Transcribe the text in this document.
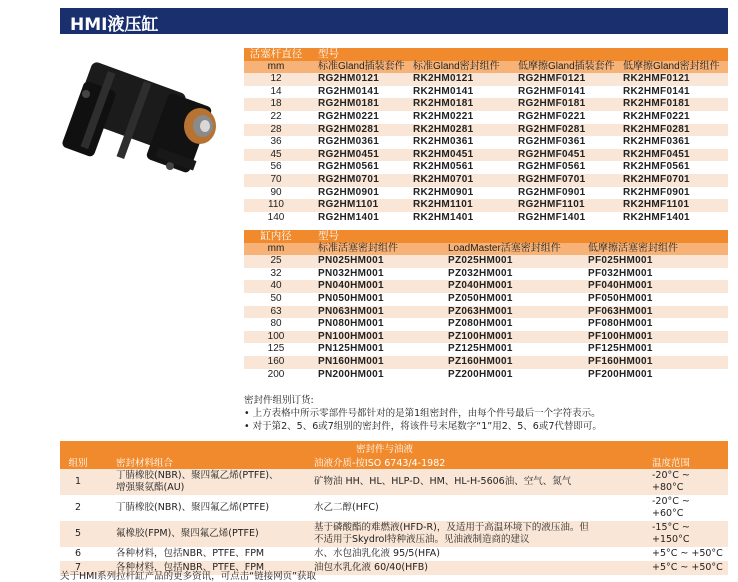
HMI液压缸
活塞杆直径	型号			
mm	标准Gland插装套件	标准Gland密封组件	低摩擦Gland插装套件	低摩擦Gland密封组件
12	RG2HM0121	RK2HM0121	RG2HMF0121	RK2HMF0121
14	RG2HM0141	RK2HM0141	RG2HMF0141	RK2HMF0141
18	RG2HM0181	RK2HM0181	RG2HMF0181	RK2HMF0181
22	RG2HM0221	RK2HM0221	RG2HMF0221	RK2HMF0221
28	RG2HM0281	RK2HM0281	RG2HMF0281	RK2HMF0281
36	RG2HM0361	RK2HM0361	RG2HMF0361	RK2HMF0361
45	RG2HM0451	RK2HM0451	RG2HMF0451	RK2HMF0451
56	RG2HM0561	RK2HM0561	RG2HMF0561	RK2HMF0561
70	RG2HM0701	RK2HM0701	RG2HMF0701	RK2HMF0701
90	RG2HM0901	RK2HM0901	RG2HMF0901	RK2HMF0901
110	RG2HM1101	RK2HM1101	RG2HMF1101	RK2HMF1101
140	RG2HM1401	RK2HM1401	RG2HMF1401	RK2HMF1401
缸内径	型号		
mm	标准活塞密封组件	LoadMaster活塞密封组件	低摩擦活塞密封组件
25	PN025HM001	PZ025HM001	PF025HM001
32	PN032HM001	PZ032HM001	PF032HM001
40	PN040HM001	PZ040HM001	PF040HM001
50	PN050HM001	PZ050HM001	PF050HM001
63	PN063HM001	PZ063HM001	PF063HM001
80	PN080HM001	PZ080HM001	PF080HM001
100	PN100HM001	PZ100HM001	PF100HM001
125	PN125HM001	PZ125HM001	PF125HM001
160	PN160HM001	PZ160HM001	PF160HM001
200	PN200HM001	PZ200HM001	PF200HM001
密封件组别订货:
• 上方表格中所示零部件号都针对的是第1组密封件，由每个件号最后一个字符表示。
• 对于第2、5、6或7组别的密封件，将该件号末尾数字“1”用2、5、6或7代替即可。
		密封件与油液	
组别	密封材料组合	油液介质-按ISO 6743/4-1982	温度范围
1	丁腈橡胶(NBR)、聚四氟乙烯(PTFE)、
增强聚氨酯(AU)	矿物油 HH、HL、HLP-D、HM、HL-H-5606油、空气、氮气	-20°C ~ +80°C
2	丁腈橡胶(NBR)、聚四氟乙烯(PTFE)	水乙二醇(HFC)	-20°C ~ +60°C
5	氟橡胶(FPM)、聚四氟乙烯(PTFE)	基于磷酸酯的难燃液(HFD-R)，及适用于高温环境下的液压油。但
不适用于Skydrol特种液压油。见油液制造商的建议	-15°C ~ +150°C
6	各种材料，包括NBR、PTFE、FPM	水、水包油乳化液 95/5(HFA)	+5°C ~ +50°C
7	各种材料，包括NBR、PTFE、FPM	油包水乳化液 60/40(HFB)	+5°C ~ +50°C
关于HMI系列拉杆缸产品的更多资讯，可点击“链接网页”获取
